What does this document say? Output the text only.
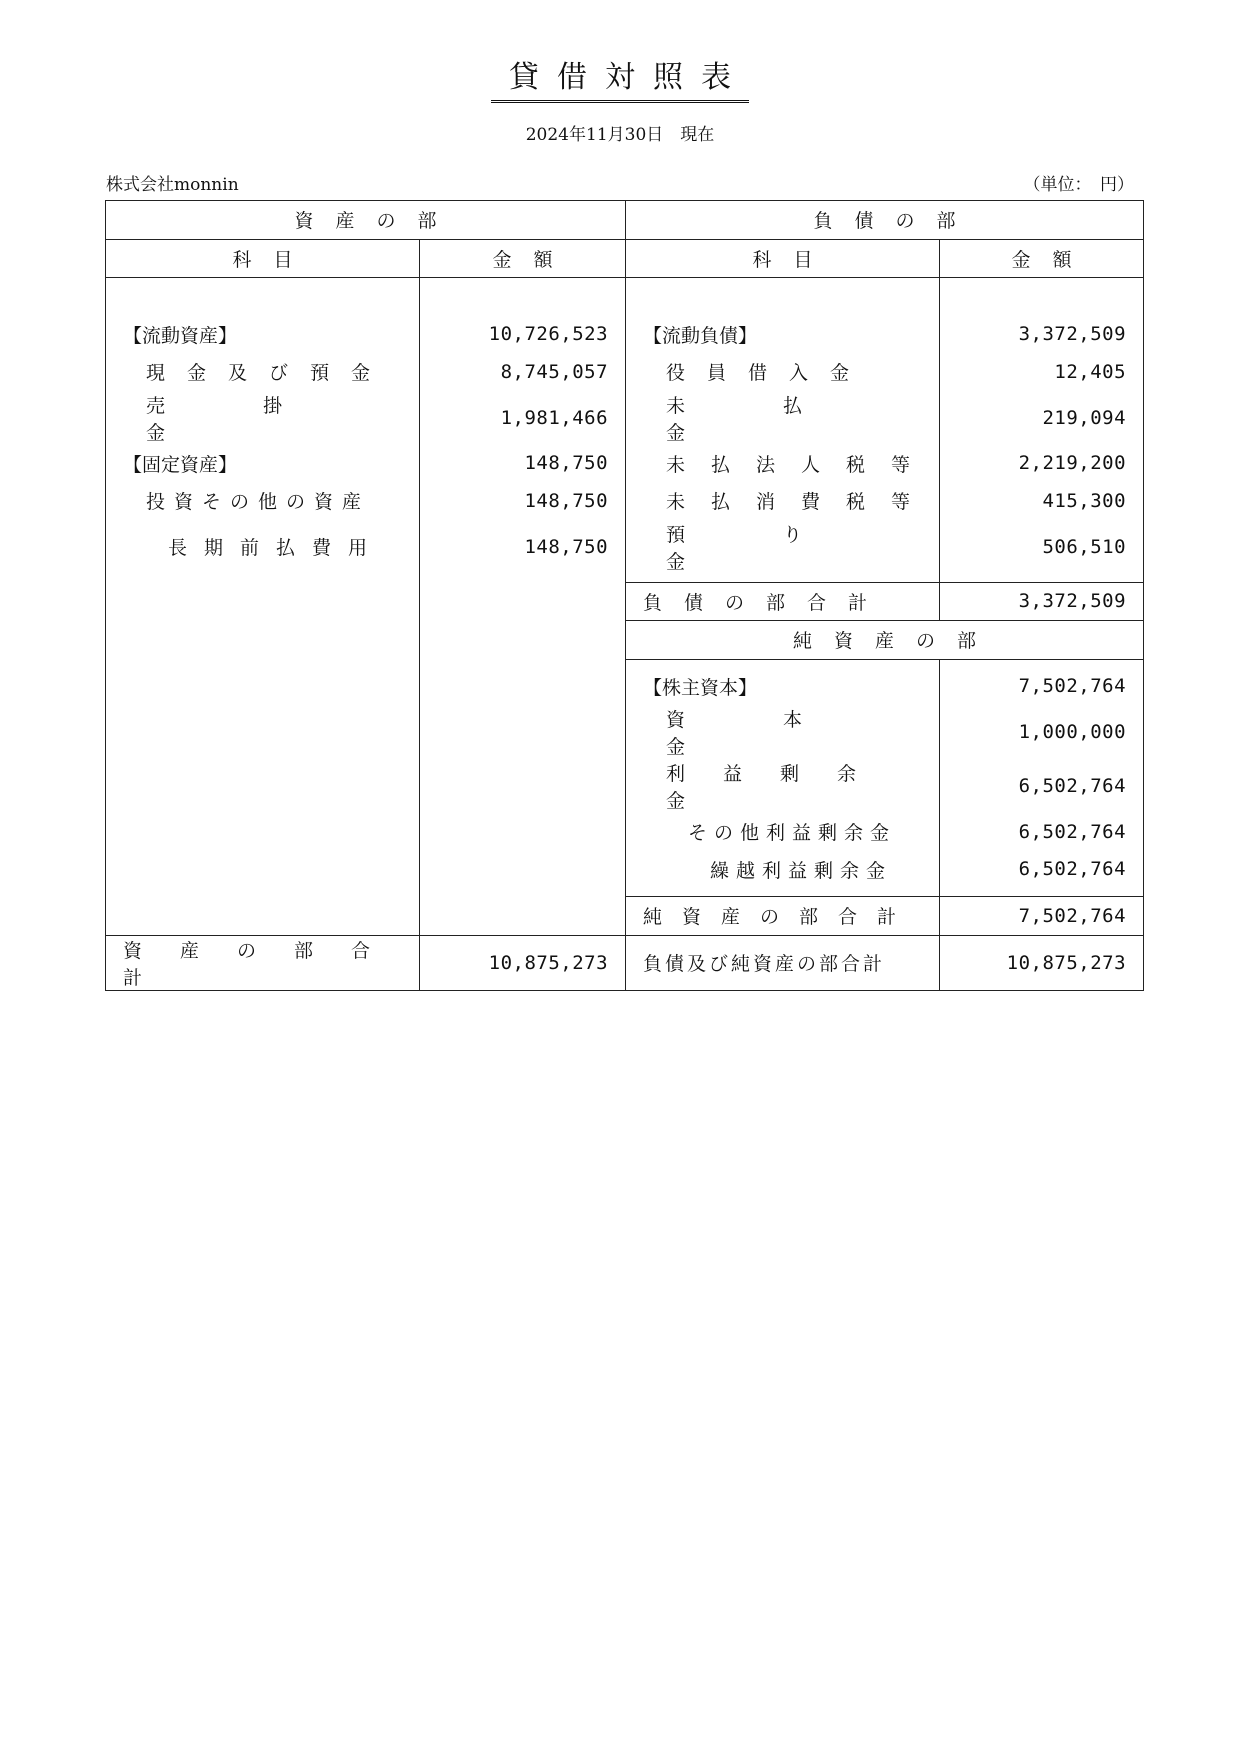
貸借対照表
2024年11月30日　現在
株式会社monnin	（単位：　円）
資産の部		負債の部	
科目	金額	科目	金額

【流動資産】	10,726,523	【流動負債】	3,372,509
現金及び預金	8,745,057	役員借入金	12,405
売掛金	1,981,466	未払金	219,094
【固定資産】	148,750	未払法人税等	2,219,200
投資その他の資産	148,750	未払消費税等	415,300
長期前払費用	148,750	預り金	506,510

		負債の部合計	3,372,509
		純資産の部	

		【株主資本】	7,502,764
		資本金	1,000,000
		利益剰余金	6,502,764
		その他利益剰余金	6,502,764
		繰越利益剰余金	6,502,764

		純資産の部合計	7,502,764
資産の部合計	10,875,273	負債及び純資産の部合計	10,875,273
